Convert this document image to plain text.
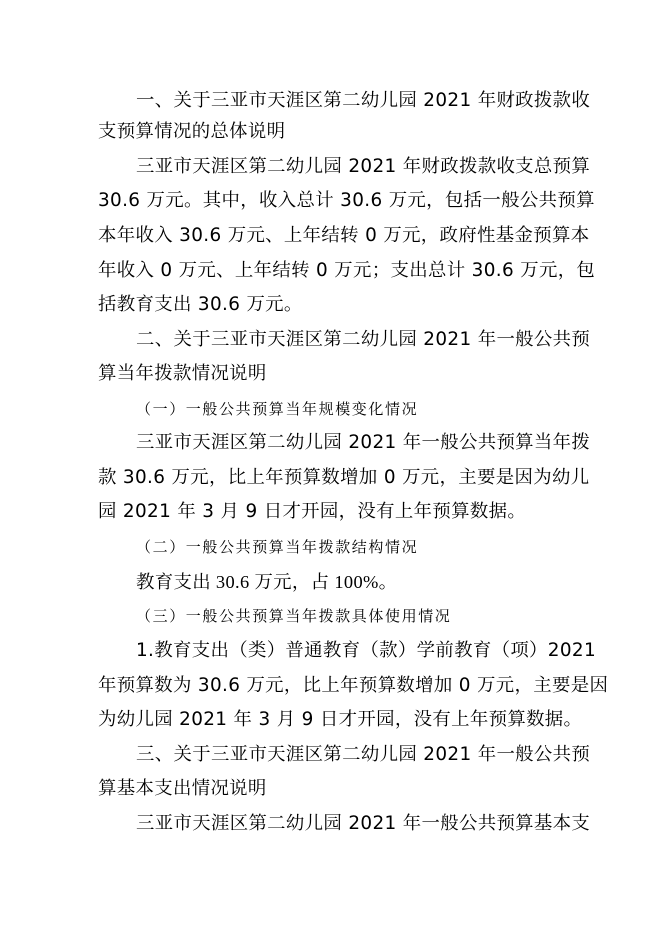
一、关于三亚市天涯区第二幼儿园 2021 年财政拨款收
支预算情况的总体说明
三亚市天涯区第二幼儿园 2021 年财政拨款收支总预算
30.6 万元。其中，收入总计 30.6 万元，包括一般公共预算
本年收入 30.6 万元、上年结转 0 万元，政府性基金预算本
年收入 0 万元、上年结转 0 万元；支出总计 30.6 万元，包
括教育支出 30.6 万元。
二、关于三亚市天涯区第二幼儿园 2021 年一般公共预
算当年拨款情况说明
（一）一般公共预算当年规模变化情况
三亚市天涯区第二幼儿园 2021 年一般公共预算当年拨
款 30.6 万元，比上年预算数增加 0 万元，主要是因为幼儿
园 2021 年 3 月 9 日才开园，没有上年预算数据。
（二）一般公共预算当年拨款结构情况
教育支出 30.6 万元，占 100%。
（三）一般公共预算当年拨款具体使用情况
1.教育支出（类）普通教育（款）学前教育（项）2021
年预算数为 30.6 万元，比上年预算数增加 0 万元，主要是因
为幼儿园 2021 年 3 月 9 日才开园，没有上年预算数据。
三、关于三亚市天涯区第二幼儿园 2021 年一般公共预
算基本支出情况说明
三亚市天涯区第二幼儿园 2021 年一般公共预算基本支
